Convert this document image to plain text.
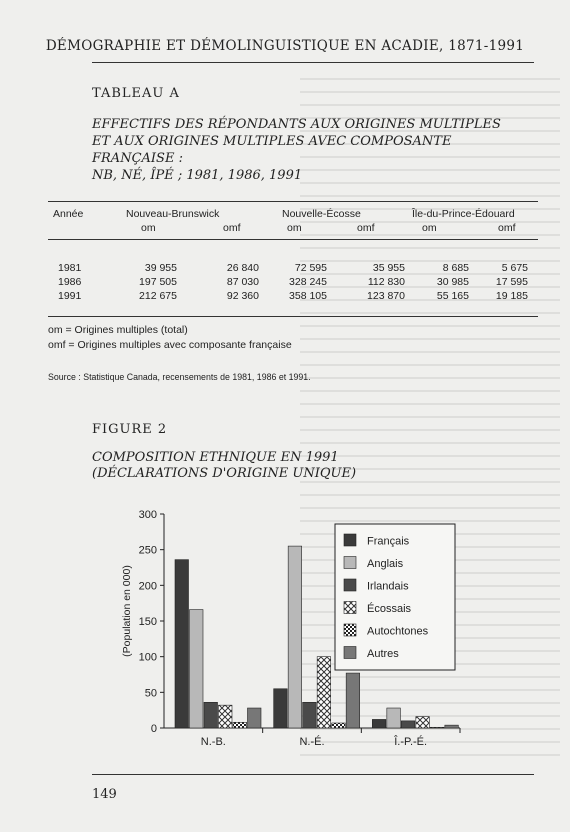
DÉMOGRAPHIE ET DÉMOLINGUISTIQUE EN ACADIE, 1871-1991
TABLEAU A
EFFECTIFS DES RÉPONDANTS AUX ORIGINES MULTIPLES
ET AUX ORIGINES MULTIPLES AVEC COMPOSANTE FRANÇAISE :
NB, NÉ, ÎPÉ ; 1981, 1986, 1991
Année	Nouveau-Brunswick	Nouvelle-Écosse	Île-du-Prince-Édouard
om	omf	om	omf	om	omf
1981	39 955	26 840	72 595	35 955	8 685	5 675
1986	197 505	87 030	328 245	112 830	30 985	17 595
1991	212 675	92 360	358 105	123 870	55 165	19 185
om = Origines multiples (total)
omf = Origines multiples avec composante française
Source : Statistique Canada, recensements de 1981, 1986 et 1991.
FIGURE 2
COMPOSITION ETHNIQUE EN 1991
(DÉCLARATIONS D'ORIGINE UNIQUE)
0
50
100
150
200
250
300
(Population en 000)
N.-B.	N.-É.	Î.-P.-É.
Français
Anglais
Irlandais
Écossais
Autochtones
Autres
149
